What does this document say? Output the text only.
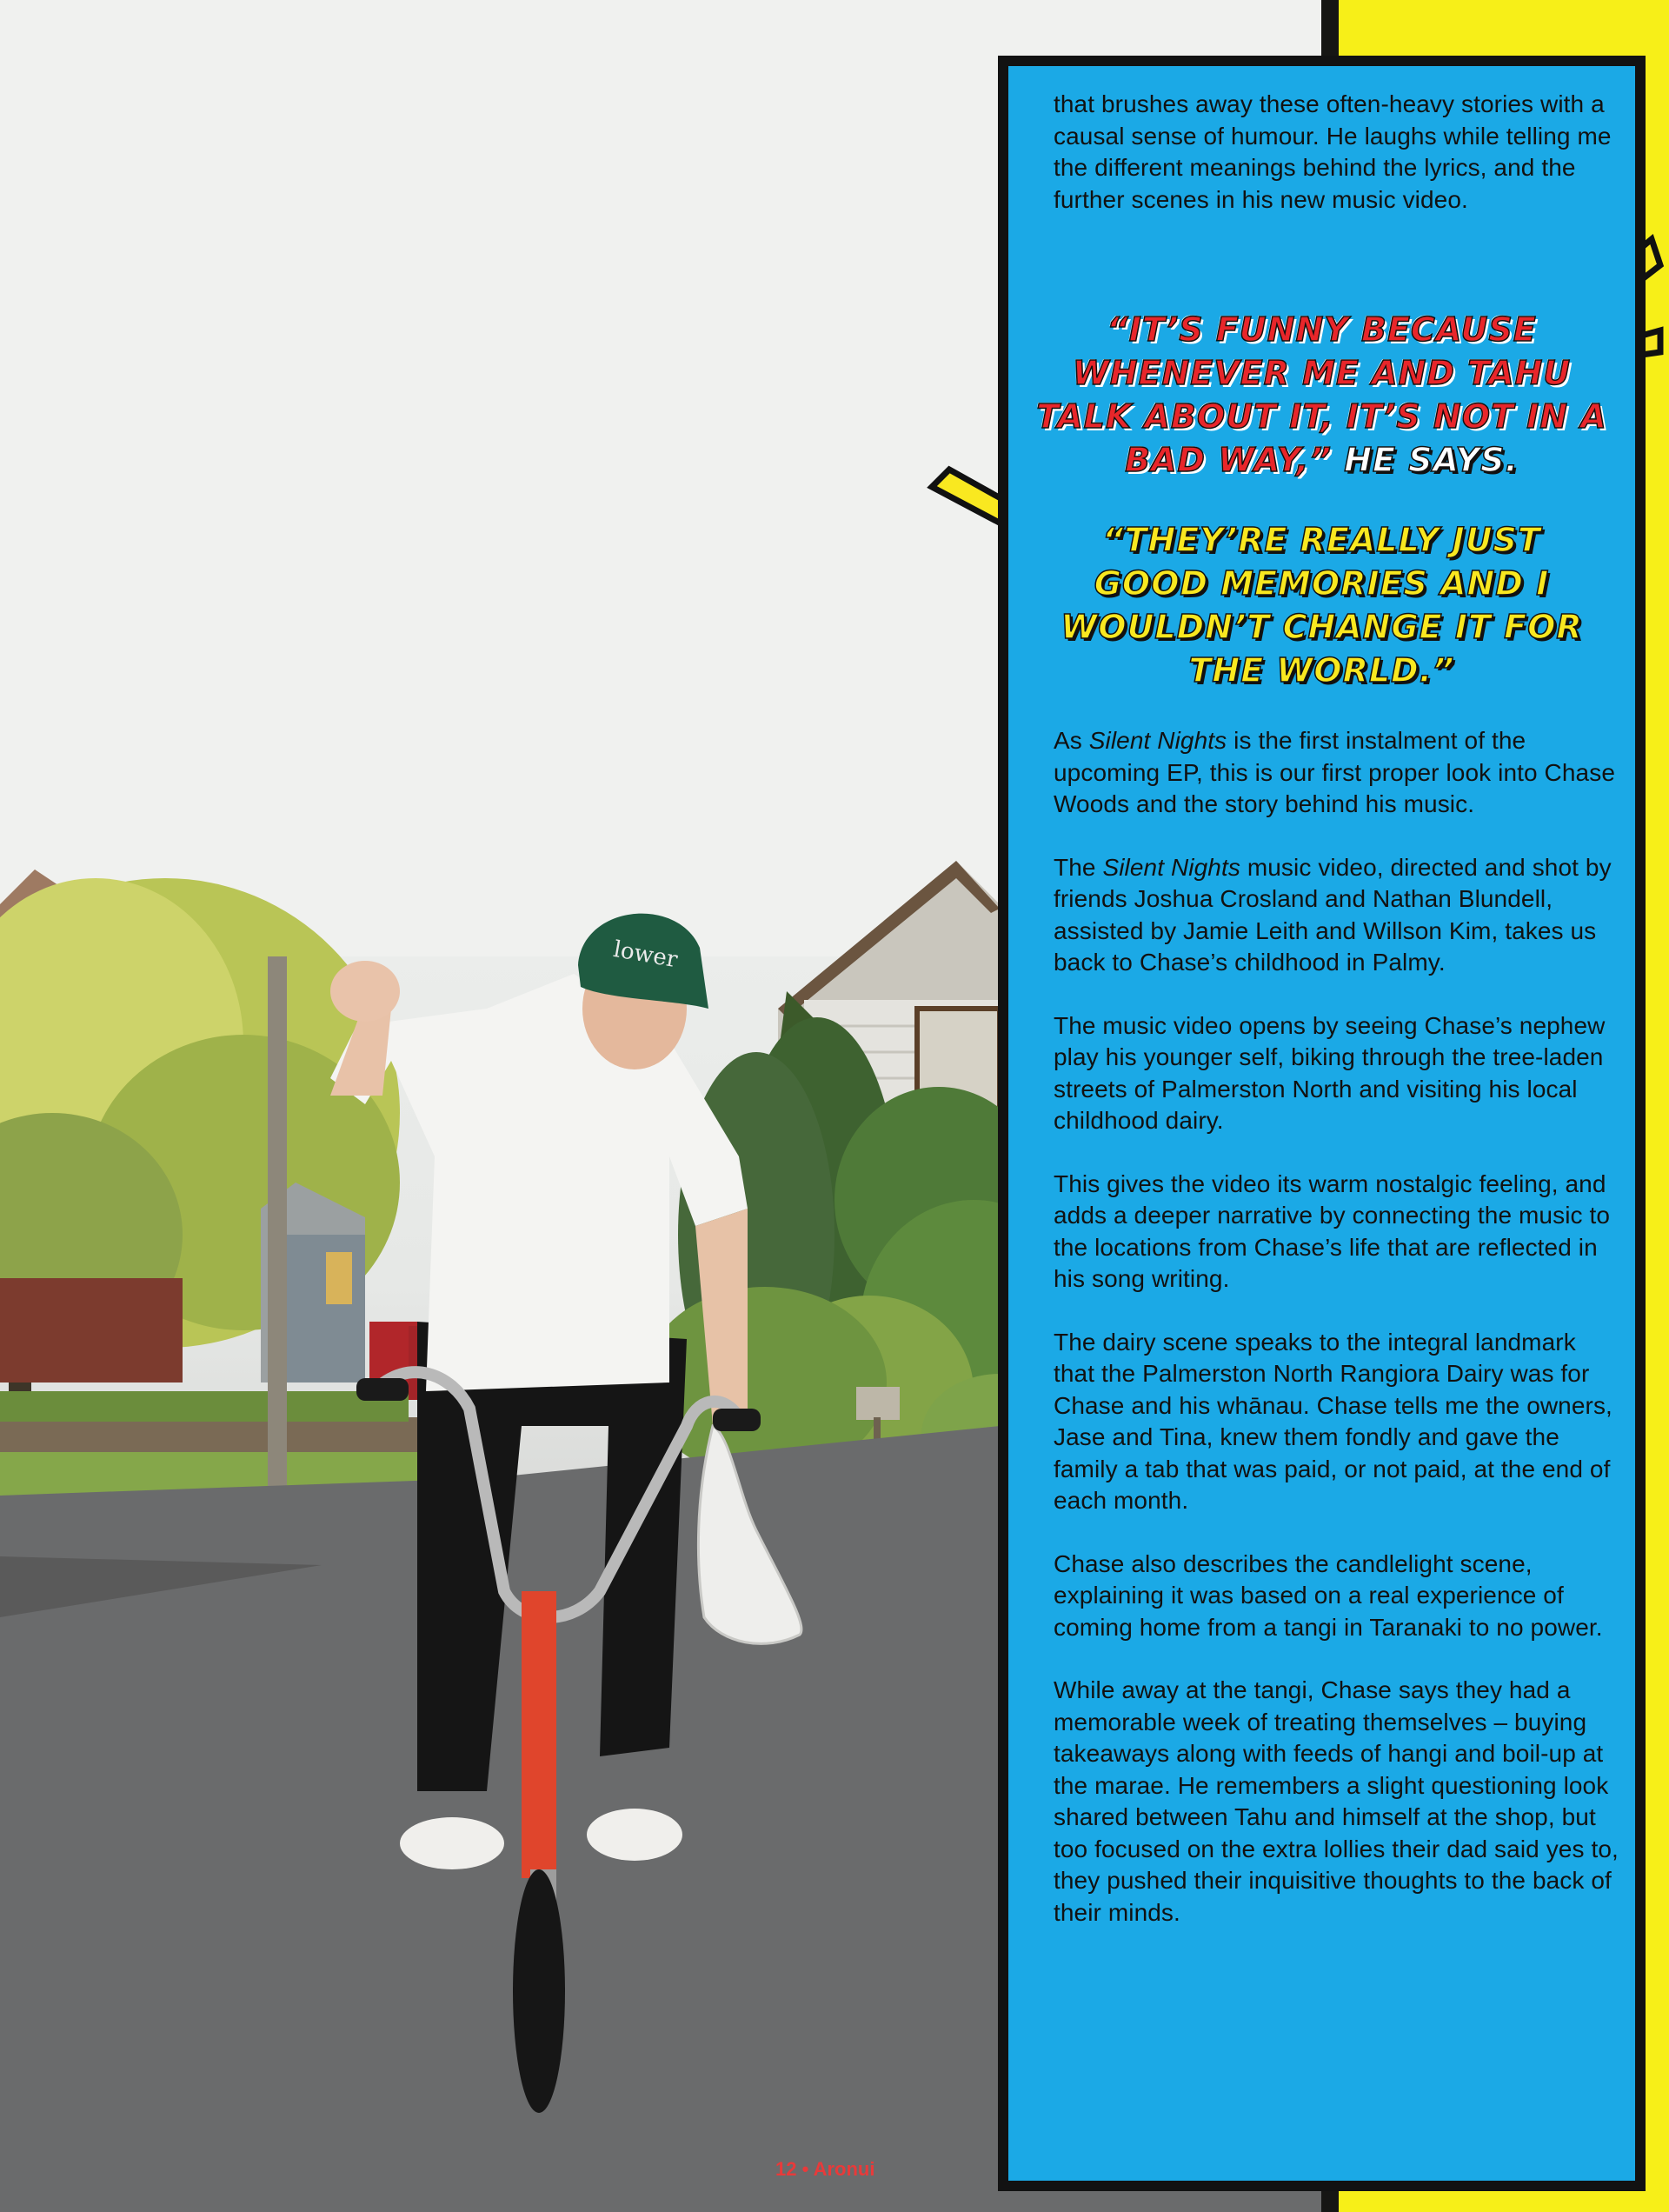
lower

that brushes away these often-heavy stories with a causal sense of humour. He laughs while telling me the different meanings behind the lyrics, and the further scenes in his new music video.

“IT’S FUNNY BECAUSE
WHENEVER ME AND TAHU
TALK ABOUT IT, IT’S NOT IN A
BAD WAY,” HE SAYS.
“THEY’RE REALLY JUST
GOOD MEMORIES AND I
WOULDN’T CHANGE IT FOR
THE WORLD.”

As Silent Nights is the first instalment of the upcoming EP, this is our first proper look into Chase Woods and the story behind his music.

The Silent Nights music video, directed and shot by friends Joshua Crosland and Nathan Blundell, assisted by Jamie Leith and Willson Kim, takes us back to Chase’s childhood in Palmy.

The music video opens by seeing Chase’s nephew play his younger self, biking through the tree-laden streets of Palmerston North and visiting his local childhood dairy.

This gives the video its warm nostalgic feeling, and adds a deeper narrative by connecting the music to the locations from Chase’s life that are reflected in his song writing.

The dairy scene speaks to the integral landmark that the Palmerston North Rangiora Dairy was for Chase and his whānau. Chase tells me the owners, Jase and Tina, knew them fondly and gave the family a tab that was paid, or not paid, at the end of each month.

Chase also describes the candlelight scene, explaining it was based on a real experience of coming home from a tangi in Taranaki to no power.

While away at the tangi, Chase says they had a memorable week of treating themselves – buying takeaways along with feeds of hangi and boil-up at the marae. He remembers a slight questioning look shared between Tahu and himself at the shop, but too focused on the extra lollies their dad said yes to, they pushed their inquisitive thoughts to the back of their minds.

12 • Aronui
